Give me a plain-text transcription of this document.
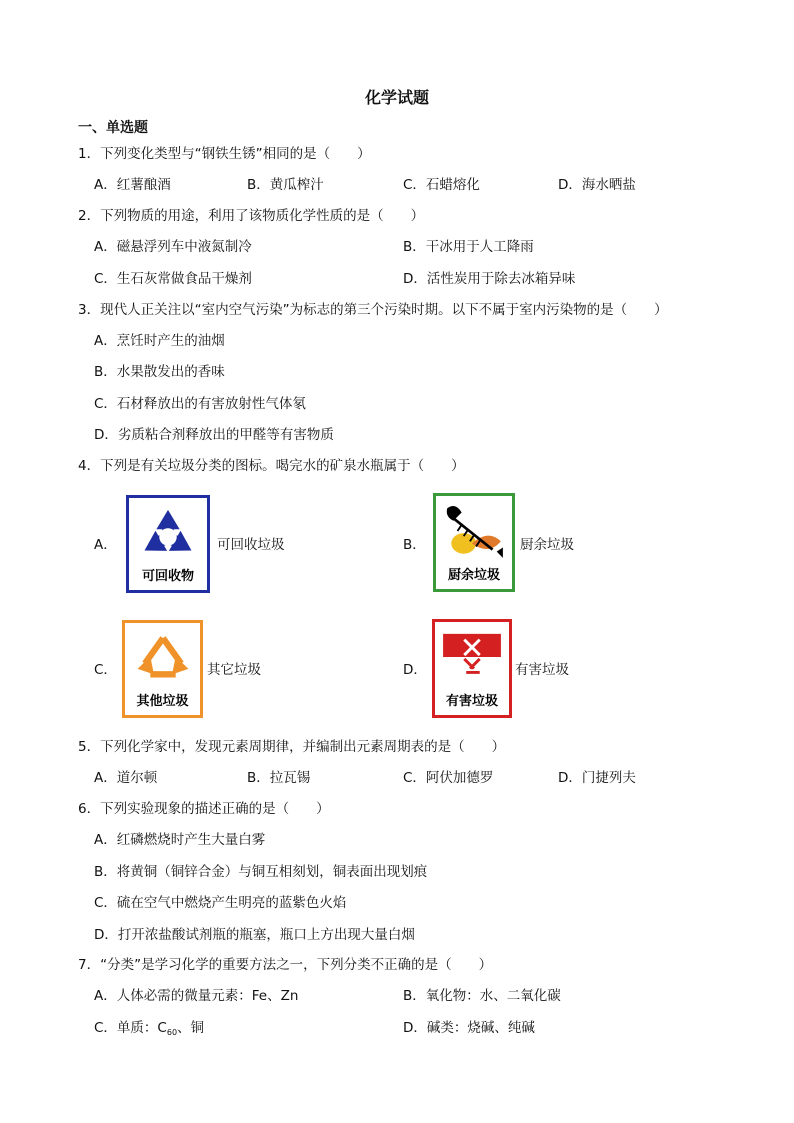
化学试题
一、单选题
1．下列变化类型与“钢铁生锈”相同的是（　　）
A．红薯酿酒	B．黄瓜榨汁	C．石蜡熔化	D．海水晒盐
2．下列物质的用途，利用了该物质化学性质的是（　　）
A．磁悬浮列车中液氮制冷	B．干冰用于人工降雨
C．生石灰常做食品干燥剂	D．活性炭用于除去冰箱异味
3．现代人正关注以“室内空气污染”为标志的第三个污染时期。以下不属于室内污染物的是（　　）
A．烹饪时产生的油烟
B．水果散发出的香味
C．石材释放出的有害放射性气体氡
D．劣质粘合剂释放出的甲醛等有害物质
4．下列是有关垃圾分类的图标。喝完水的矿泉水瓶属于（　　）
A．
可回收物
可回收垃圾	B．
厨余垃圾
厨余垃圾
C．
其他垃圾
其它垃圾	D．
有害垃圾
有害垃圾
5．下列化学家中，发现元素周期律，并编制出元素周期表的是（　　）
A．道尔顿	B．拉瓦锡	C．阿伏加德罗	D．门捷列夫
6．下列实验现象的描述正确的是（　　）
A．红磷燃烧时产生大量白雾
B．将黄铜（铜锌合金）与铜互相刻划，铜表面出现划痕
C．硫在空气中燃烧产生明亮的蓝紫色火焰
D．打开浓盐酸试剂瓶的瓶塞，瓶口上方出现大量白烟
7．“分类”是学习化学的重要方法之一，下列分类不正确的是（　　）
A．人体必需的微量元素：Fe、Zn	B．氧化物：水、二氧化碳
C．单质：$C_{60}$、铜	D．碱类：烧碱、纯碱
